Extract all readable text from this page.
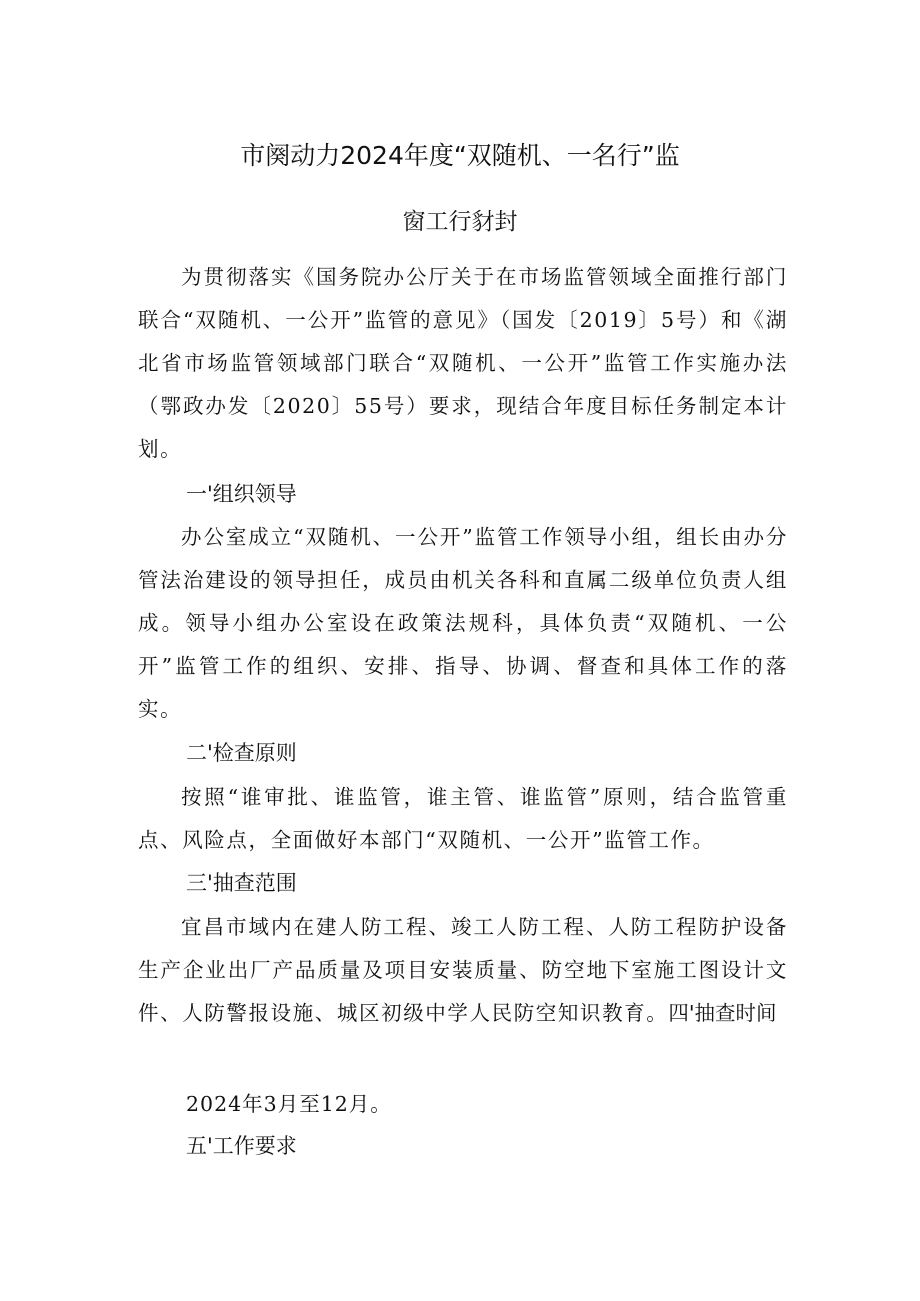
市阕动力2024年度“双随机、一名行”监
窗工行豺封

为贯彻落实《国务院办公厅关于在市场监管领域全面推行部门联合“双随机、一公开”监管的意见》（国发〔2019〕5号）和《湖北省市场监管领域部门联合“双随机、一公开”监管工作实施办法（鄂政办发〔2020〕55号）要求，现结合年度目标任务制定本计划。

一'组织领导

办公室成立“双随机、一公开”监管工作领导小组，组长由办分管法治建设的领导担任，成员由机关各科和直属二级单位负责人组成。领导小组办公室设在政策法规科，具体负责“双随机、一公开”监管工作的组织、安排、指导、协调、督查和具体工作的落实。

二'检查原则

按照“谁审批、谁监管，谁主管、谁监管”原则，结合监管重点、风险点，全面做好本部门“双随机、一公开”监管工作。

三'抽查范围

宜昌市域内在建人防工程、竣工人防工程、人防工程防护设备生产企业出厂产品质量及项目安装质量、防空地下室施工图设计文件、人防警报设施、城区初级中学人民防空知识教育。四'抽查时间

2024年3月至12月。
五'工作要求
